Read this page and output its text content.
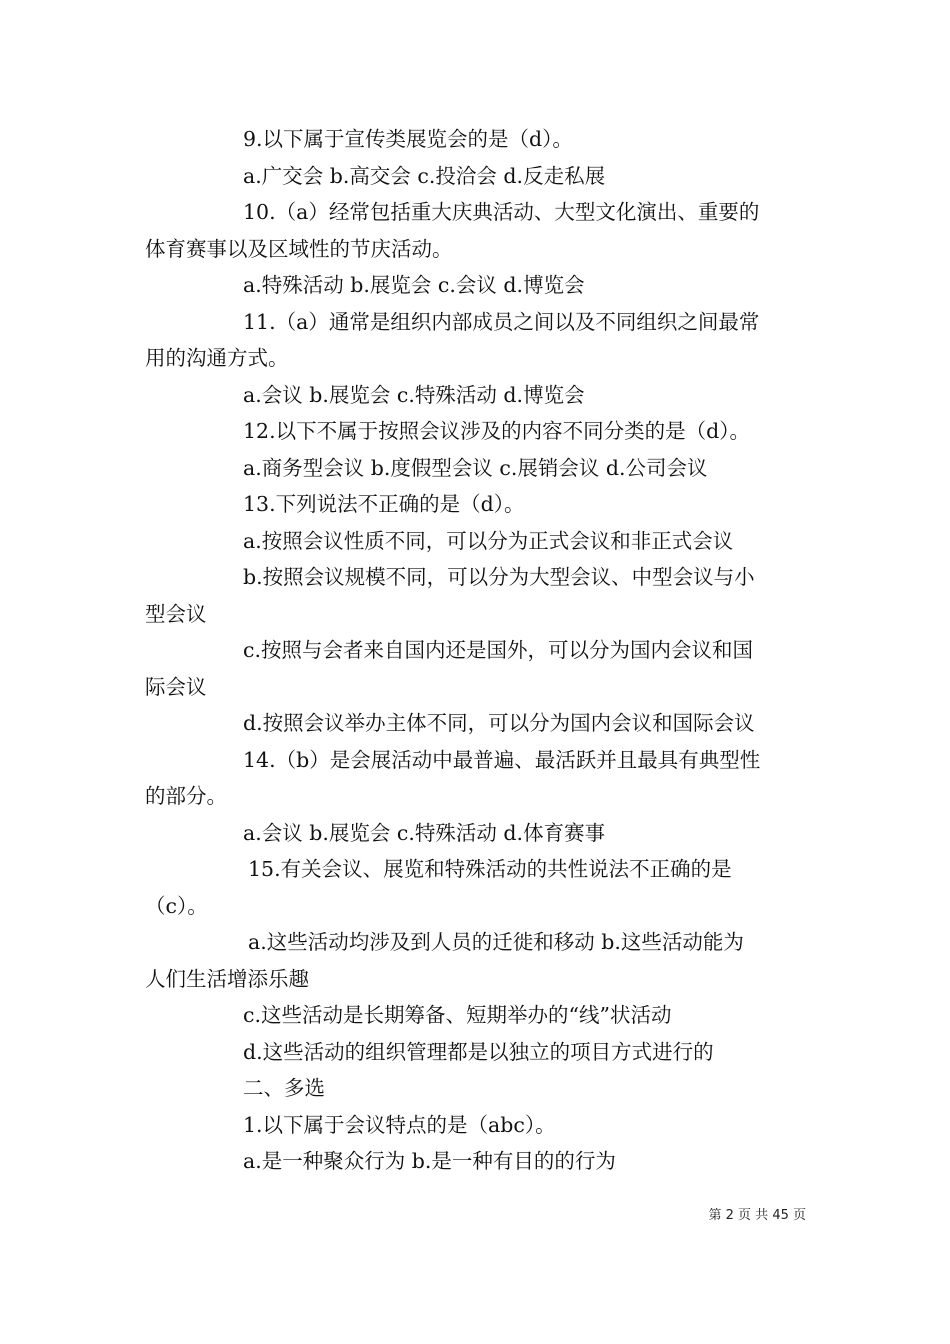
9.以下属于宣传类展览会的是（d）。
a.广交会 b.高交会 c.投洽会 d.反走私展
10.（a）经常包括重大庆典活动、大型文化演出、重要的
体育赛事以及区域性的节庆活动。
a.特殊活动 b.展览会 c.会议 d.博览会
11.（a）通常是组织内部成员之间以及不同组织之间最常
用的沟通方式。
a.会议 b.展览会 c.特殊活动 d.博览会
12.以下不属于按照会议涉及的内容不同分类的是（d）。
a.商务型会议 b.度假型会议 c.展销会议 d.公司会议
13.下列说法不正确的是（d）。
a.按照会议性质不同，可以分为正式会议和非正式会议
b.按照会议规模不同，可以分为大型会议、中型会议与小
型会议
c.按照与会者来自国内还是国外，可以分为国内会议和国
际会议
d.按照会议举办主体不同，可以分为国内会议和国际会议
14.（b）是会展活动中最普遍、最活跃并且最具有典型性
的部分。
a.会议 b.展览会 c.特殊活动 d.体育赛事
15.有关会议、展览和特殊活动的共性说法不正确的是
（c）。
a.这些活动均涉及到人员的迁徙和移动 b.这些活动能为
人们生活增添乐趣
c.这些活动是长期筹备、短期举办的“线”状活动
d.这些活动的组织管理都是以独立的项目方式进行的
二、多选
1.以下属于会议特点的是（abc）。
a.是一种聚众行为 b.是一种有目的的行为
第 2 页 共 45 页
